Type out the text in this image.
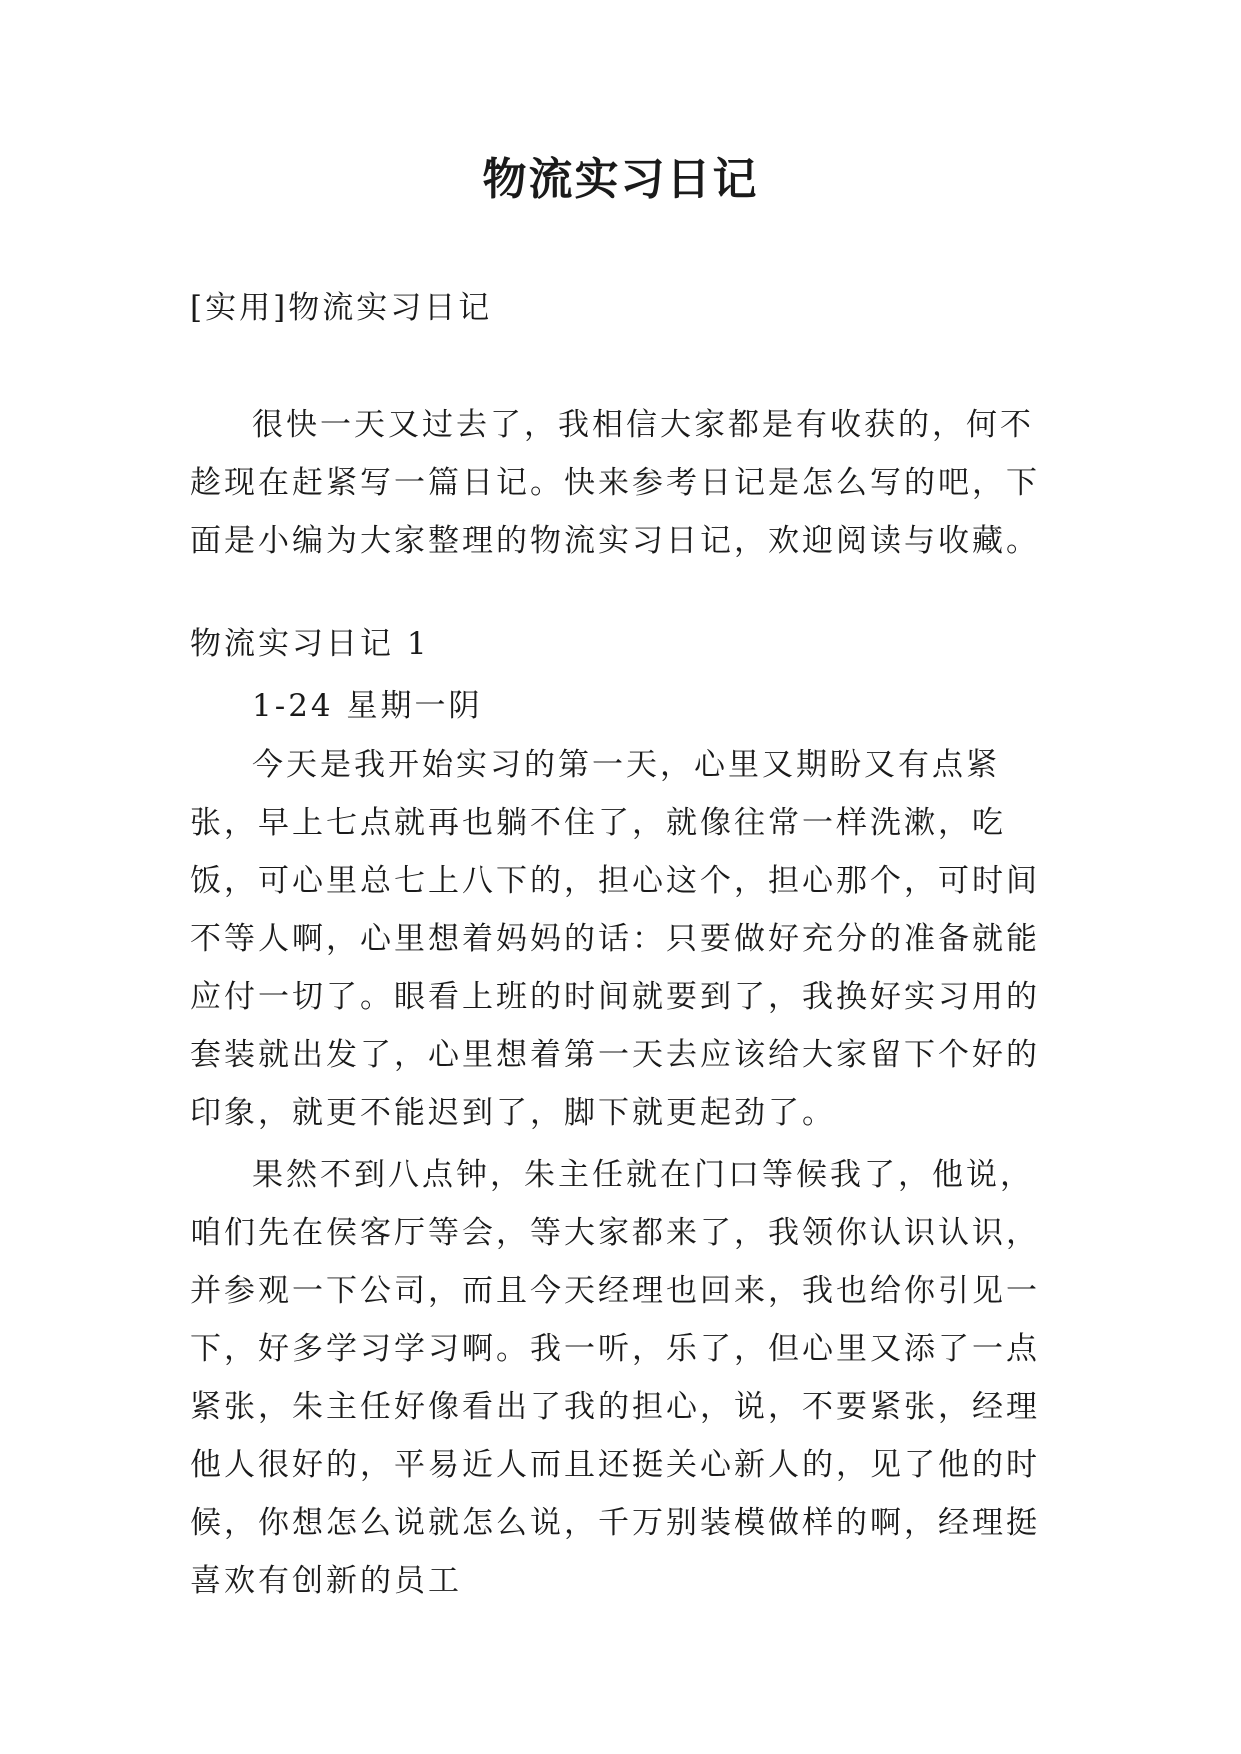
物流实习日记

[实用]物流实习日记

很快一天又过去了，我相信大家都是有收获的，何不趁现在赶紧写一篇日记。快来参考日记是怎么写的吧，下面是小编为大家整理的物流实习日记，欢迎阅读与收藏。

物流实习日记 1

1-24 星期一阴

今天是我开始实习的第一天，心里又期盼又有点紧张，早上七点就再也躺不住了，就像往常一样洗漱，吃饭，可心里总七上八下的，担心这个，担心那个，可时间不等人啊，心里想着妈妈的话：只要做好充分的准备就能应付一切了。眼看上班的时间就要到了，我换好实习用的套装就出发了，心里想着第一天去应该给大家留下个好的印象，就更不能迟到了，脚下就更起劲了。

果然不到八点钟，朱主任就在门口等候我了，他说，咱们先在侯客厅等会，等大家都来了，我领你认识认识，并参观一下公司，而且今天经理也回来，我也给你引见一下，好多学习学习啊。我一听，乐了，但心里又添了一点紧张，朱主任好像看出了我的担心，说，不要紧张，经理他人很好的，平易近人而且还挺关心新人的，见了他的时候，你想怎么说就怎么说，千万别装模做样的啊，经理挺喜欢有创新的员工
